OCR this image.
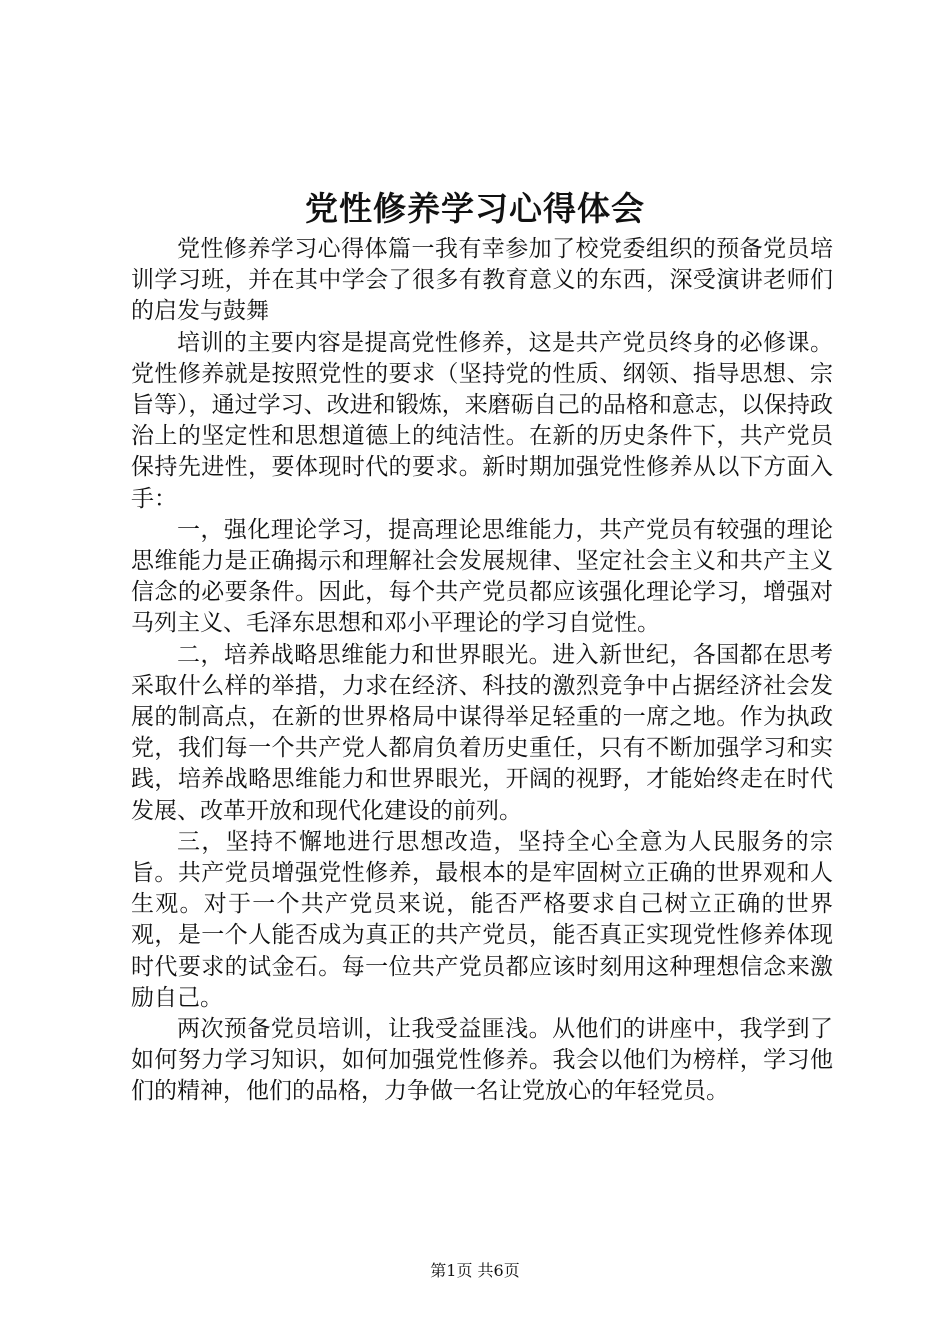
党性修养学习心得体会

党性修养学习心得体篇一我有幸参加了校党委组织的预备党员培训学习班，并在其中学会了很多有教育意义的东西，深受演讲老师们的启发与鼓舞

培训的主要内容是提高党性修养，这是共产党员终身的必修课。党性修养就是按照党性的要求（坚持党的性质、纲领、指导思想、宗旨等），通过学习、改进和锻炼，来磨砺自己的品格和意志，以保持政治上的坚定性和思想道德上的纯洁性。在新的历史条件下，共产党员保持先进性，要体现时代的要求。新时期加强党性修养从以下方面入手：

一，强化理论学习，提高理论思维能力，共产党员有较强的理论思维能力是正确揭示和理解社会发展规律、坚定社会主义和共产主义信念的必要条件。因此，每个共产党员都应该强化理论学习，增强对马列主义、毛泽东思想和邓小平理论的学习自觉性。

二，培养战略思维能力和世界眼光。进入新世纪，各国都在思考采取什么样的举措，力求在经济、科技的激烈竞争中占据经济社会发展的制高点，在新的世界格局中谋得举足轻重的一席之地。作为执政党，我们每一个共产党人都肩负着历史重任，只有不断加强学习和实践，培养战略思维能力和世界眼光，开阔的视野，才能始终走在时代发展、改革开放和现代化建设的前列。

三，坚持不懈地进行思想改造，坚持全心全意为人民服务的宗旨。共产党员增强党性修养，最根本的是牢固树立正确的世界观和人生观。对于一个共产党员来说，能否严格要求自己树立正确的世界观，是一个人能否成为真正的共产党员，能否真正实现党性修养体现时代要求的试金石。每一位共产党员都应该时刻用这种理想信念来激励自己。

两次预备党员培训，让我受益匪浅。从他们的讲座中，我学到了如何努力学习知识，如何加强党性修养。我会以他们为榜样，学习他们的精神，他们的品格，力争做一名让党放心的年轻党员。

第1页 共6页
